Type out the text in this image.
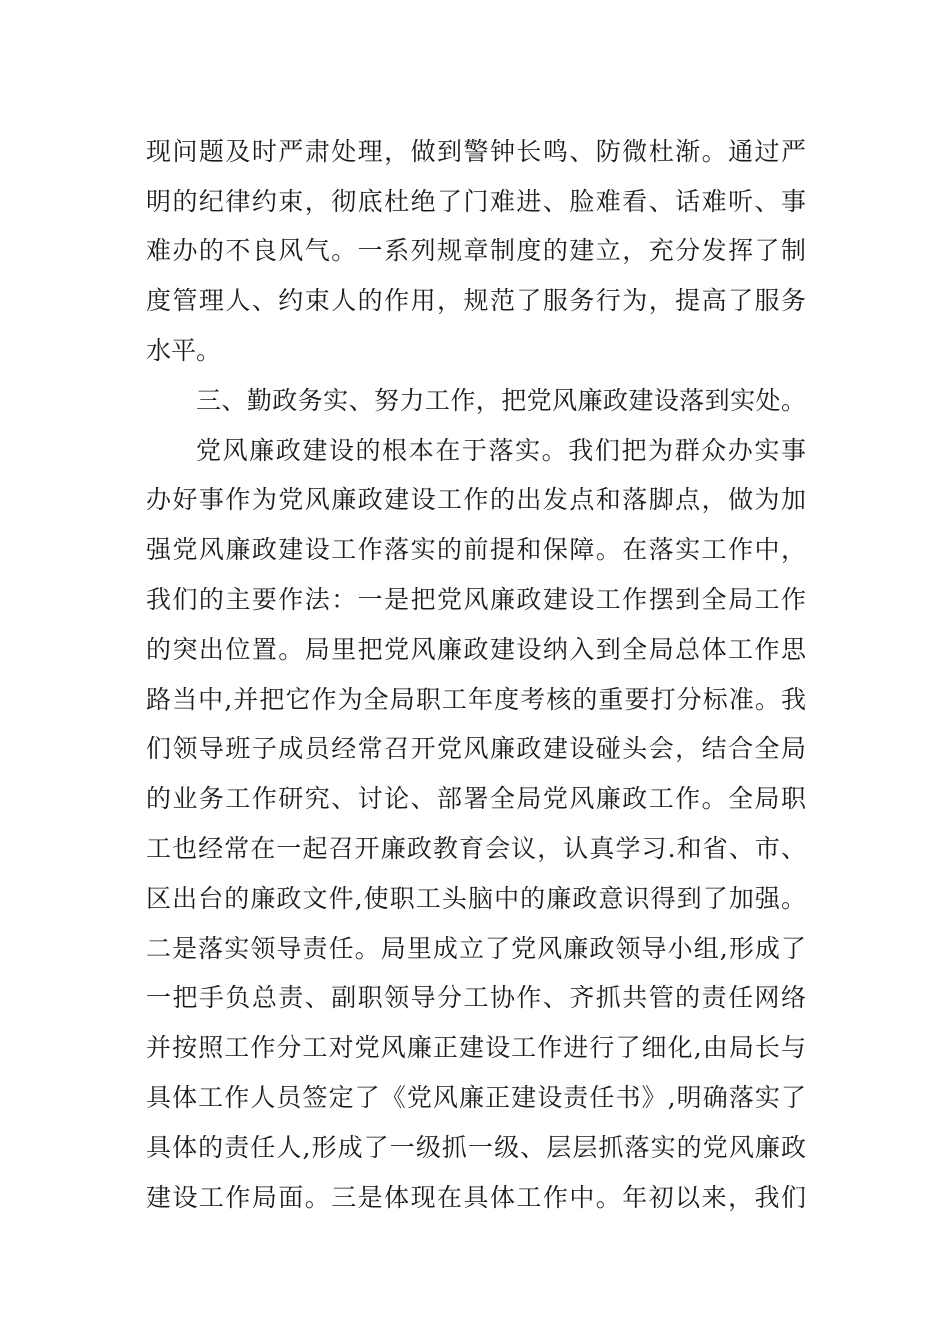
现问题及时严肃处理，做到警钟长鸣、防微杜渐。通过严
明的纪律约束，彻底杜绝了门难进、脸难看、话难听、事
难办的不良风气。一系列规章制度的建立，充分发挥了制
度管理人、约束人的作用，规范了服务行为，提高了服务
水平。
三、勤政务实、努力工作，把党风廉政建设落到实处。
党风廉政建设的根本在于落实。我们把为群众办实事
办好事作为党风廉政建设工作的出发点和落脚点，做为加
强党风廉政建设工作落实的前提和保障。在落实工作中，
我们的主要作法：一是把党风廉政建设工作摆到全局工作
的突出位置。局里把党风廉政建设纳入到全局总体工作思
路当中,并把它作为全局职工年度考核的重要打分标准。我
们领导班子成员经常召开党风廉政建设碰头会，结合全局
的业务工作研究、讨论、部署全局党风廉政工作。全局职
工也经常在一起召开廉政教育会议，认真学习.和省、市、
区出台的廉政文件,使职工头脑中的廉政意识得到了加强。
二是落实领导责任。局里成立了党风廉政领导小组,形成了
一把手负总责、副职领导分工协作、齐抓共管的责任网络
并按照工作分工对党风廉正建设工作进行了细化,由局长与
具体工作人员签定了《党风廉正建设责任书》,明确落实了
具体的责任人,形成了一级抓一级、层层抓落实的党风廉政
建设工作局面。三是体现在具体工作中。年初以来，我们
